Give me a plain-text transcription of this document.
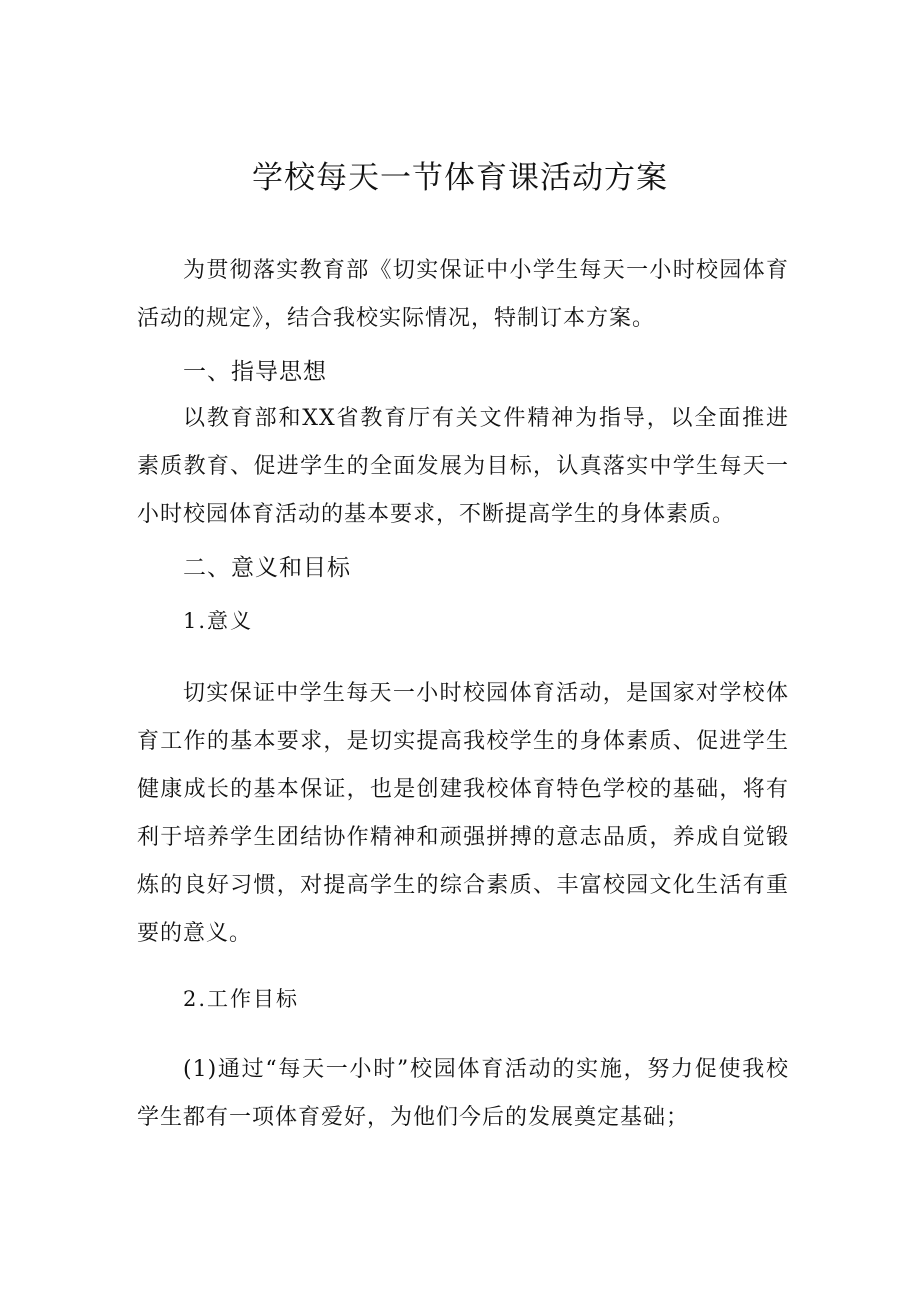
学校每天一节体育课活动方案

为贯彻落实教育部《切实保证中小学生每天一小时校园体育活动的规定》，结合我校实际情况，特制订本方案。

一、指导思想

以教育部和XX省教育厅有关文件精神为指导，以全面推进素质教育、促进学生的全面发展为目标，认真落实中学生每天一小时校园体育活动的基本要求，不断提高学生的身体素质。

二、意义和目标

1.意义

切实保证中学生每天一小时校园体育活动，是国家对学校体育工作的基本要求，是切实提高我校学生的身体素质、促进学生健康成长的基本保证，也是创建我校体育特色学校的基础，将有利于培养学生团结协作精神和顽强拼搏的意志品质，养成自觉锻炼的良好习惯，对提高学生的综合素质、丰富校园文化生活有重要的意义。

2.工作目标

(1)通过“每天一小时”校园体育活动的实施，努力促使我校学生都有一项体育爱好，为他们今后的发展奠定基础；
